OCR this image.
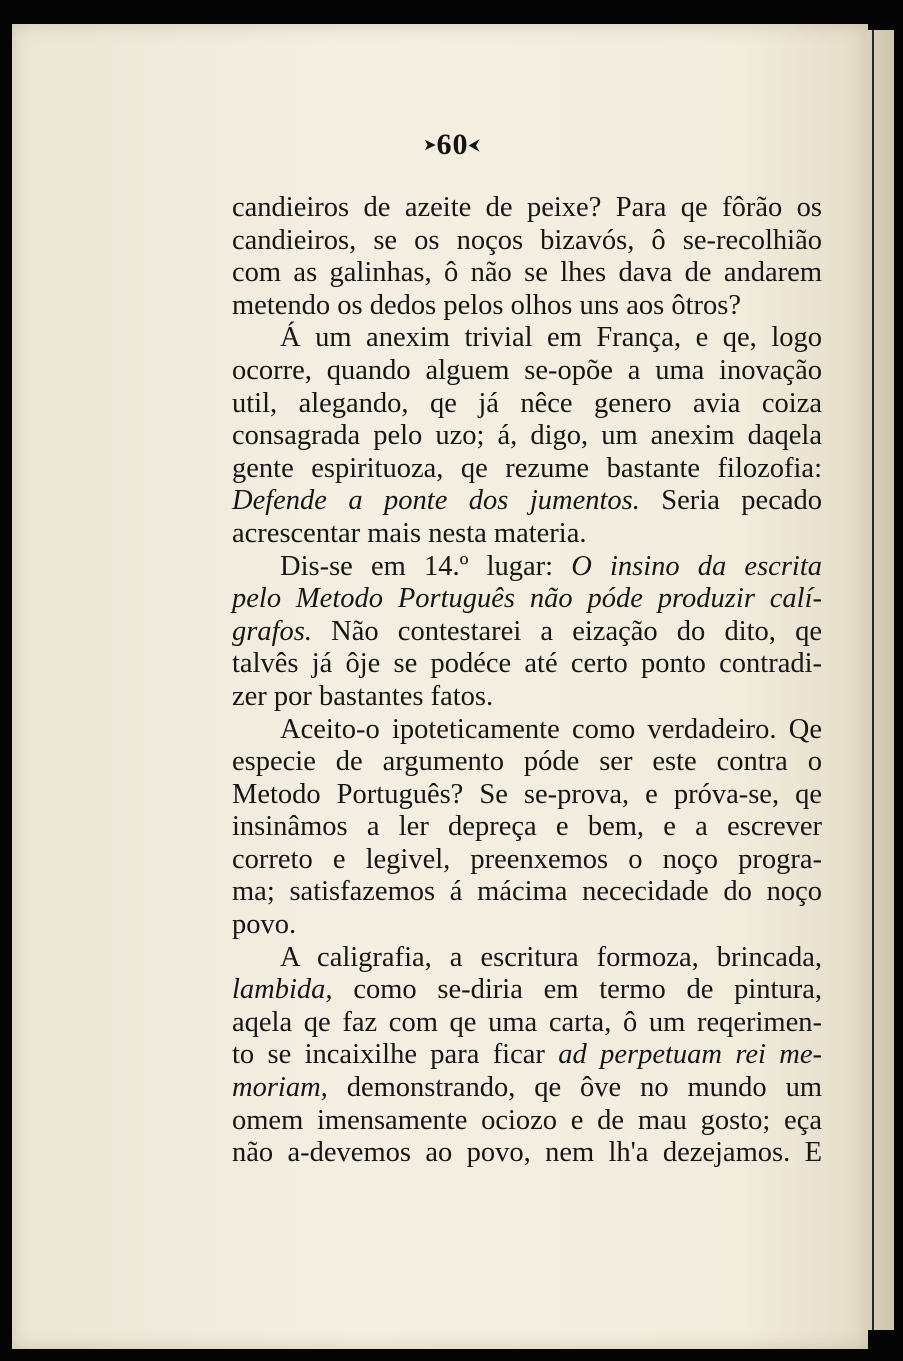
➤60⮜
candieiros de azeite de peixe? Para qe fôrão os
candieiros, se os noços bizavós, ô se-recolhião
com as galinhas, ô não se lhes dava de andarem
metendo os dedos pelos olhos uns aos ôtros?
Á um anexim trivial em França, e qe, logo
ocorre, quando alguem se-opõe a uma inovação
util, alegando, qe já nêce genero avia coiza
consagrada pelo uzo; á, digo, um anexim daqela
gente espirituoza, qe rezume bastante filozofia:
Defende a ponte dos jumentos. Seria pecado
acrescentar mais nesta materia.
Dis-se em 14.º lugar: O insino da escrita
pelo Metodo Português não póde produzir calí-
grafos. Não contestarei a eização do dito, qe
talvês já ôje se podéce até certo ponto contradi-
zer por bastantes fatos.
Aceito-o ipoteticamente como verdadeiro. Qe
especie de argumento póde ser este contra o
Metodo Português? Se se-prova, e próva-se, qe
insinâmos a ler depreça e bem, e a escrever
correto e legivel, preenxemos o noço progra-
ma; satisfazemos á mácima nececidade do noço
povo.
A caligrafia, a escritura formoza, brincada,
lambida, como se-diria em termo de pintura,
aqela qe faz com qe uma carta, ô um reqerimen-
to se incaixilhe para ficar ad perpetuam rei me-
moriam, demonstrando, qe ôve no mundo um
omem imensamente ociozo e de mau gosto; eça
não a-devemos ao povo, nem lh'a dezejamos. E
